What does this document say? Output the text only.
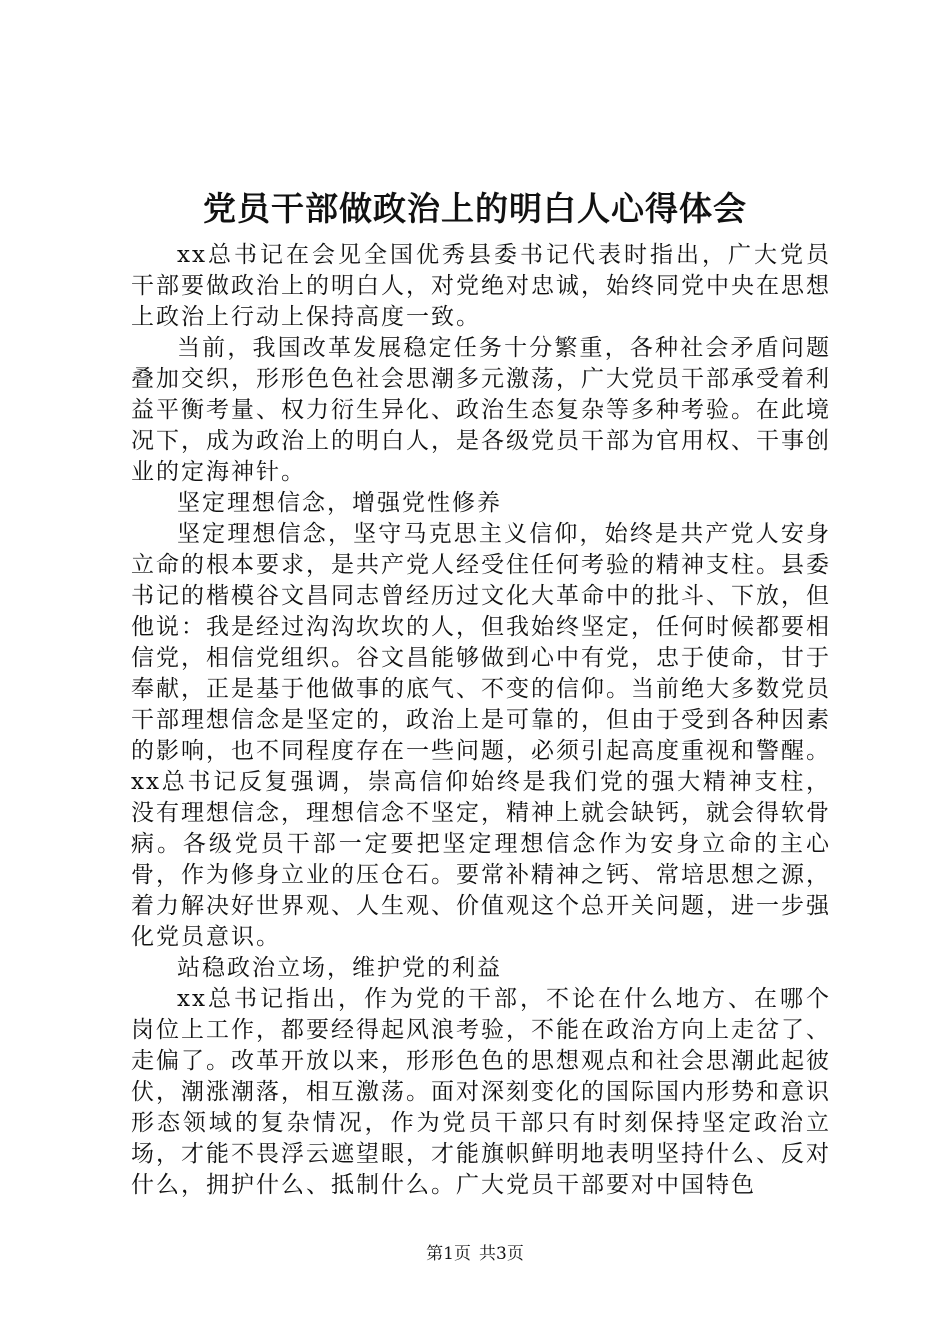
党员干部做政治上的明白人心得体会

xx总书记在会见全国优秀县委书记代表时指出，广大党员干部要做政治上的明白人，对党绝对忠诚，始终同党中央在思想上政治上行动上保持高度一致。

当前，我国改革发展稳定任务十分繁重，各种社会矛盾问题叠加交织，形形色色社会思潮多元激荡，广大党员干部承受着利益平衡考量、权力衍生异化、政治生态复杂等多种考验。在此境况下，成为政治上的明白人，是各级党员干部为官用权、干事创业的定海神针。

坚定理想信念，增强党性修养

坚定理想信念，坚守马克思主义信仰，始终是共产党人安身立命的根本要求，是共产党人经受住任何考验的精神支柱。县委书记的楷模谷文昌同志曾经历过文化大革命中的批斗、下放，但他说：我是经过沟沟坎坎的人，但我始终坚定，任何时候都要相信党，相信党组织。谷文昌能够做到心中有党，忠于使命，甘于奉献，正是基于他做事的底气、不变的信仰。当前绝大多数党员干部理想信念是坚定的，政治上是可靠的，但由于受到各种因素的影响，也不同程度存在一些问题，必须引起高度重视和警醒。xx总书记反复强调，崇高信仰始终是我们党的强大精神支柱，没有理想信念，理想信念不坚定，精神上就会缺钙，就会得软骨病。各级党员干部一定要把坚定理想信念作为安身立命的主心骨，作为修身立业的压仓石。要常补精神之钙、常培思想之源，着力解决好世界观、人生观、价值观这个总开关问题，进一步强化党员意识。

站稳政治立场，维护党的利益

xx总书记指出，作为党的干部，不论在什么地方、在哪个岗位上工作，都要经得起风浪考验，不能在政治方向上走岔了、走偏了。改革开放以来，形形色色的思想观点和社会思潮此起彼伏，潮涨潮落，相互激荡。面对深刻变化的国际国内形势和意识形态领域的复杂情况，作为党员干部只有时刻保持坚定政治立场，才能不畏浮云遮望眼，才能旗帜鲜明地表明坚持什么、反对什么，拥护什么、抵制什么。广大党员干部要对中国特色

第1页 共3页
